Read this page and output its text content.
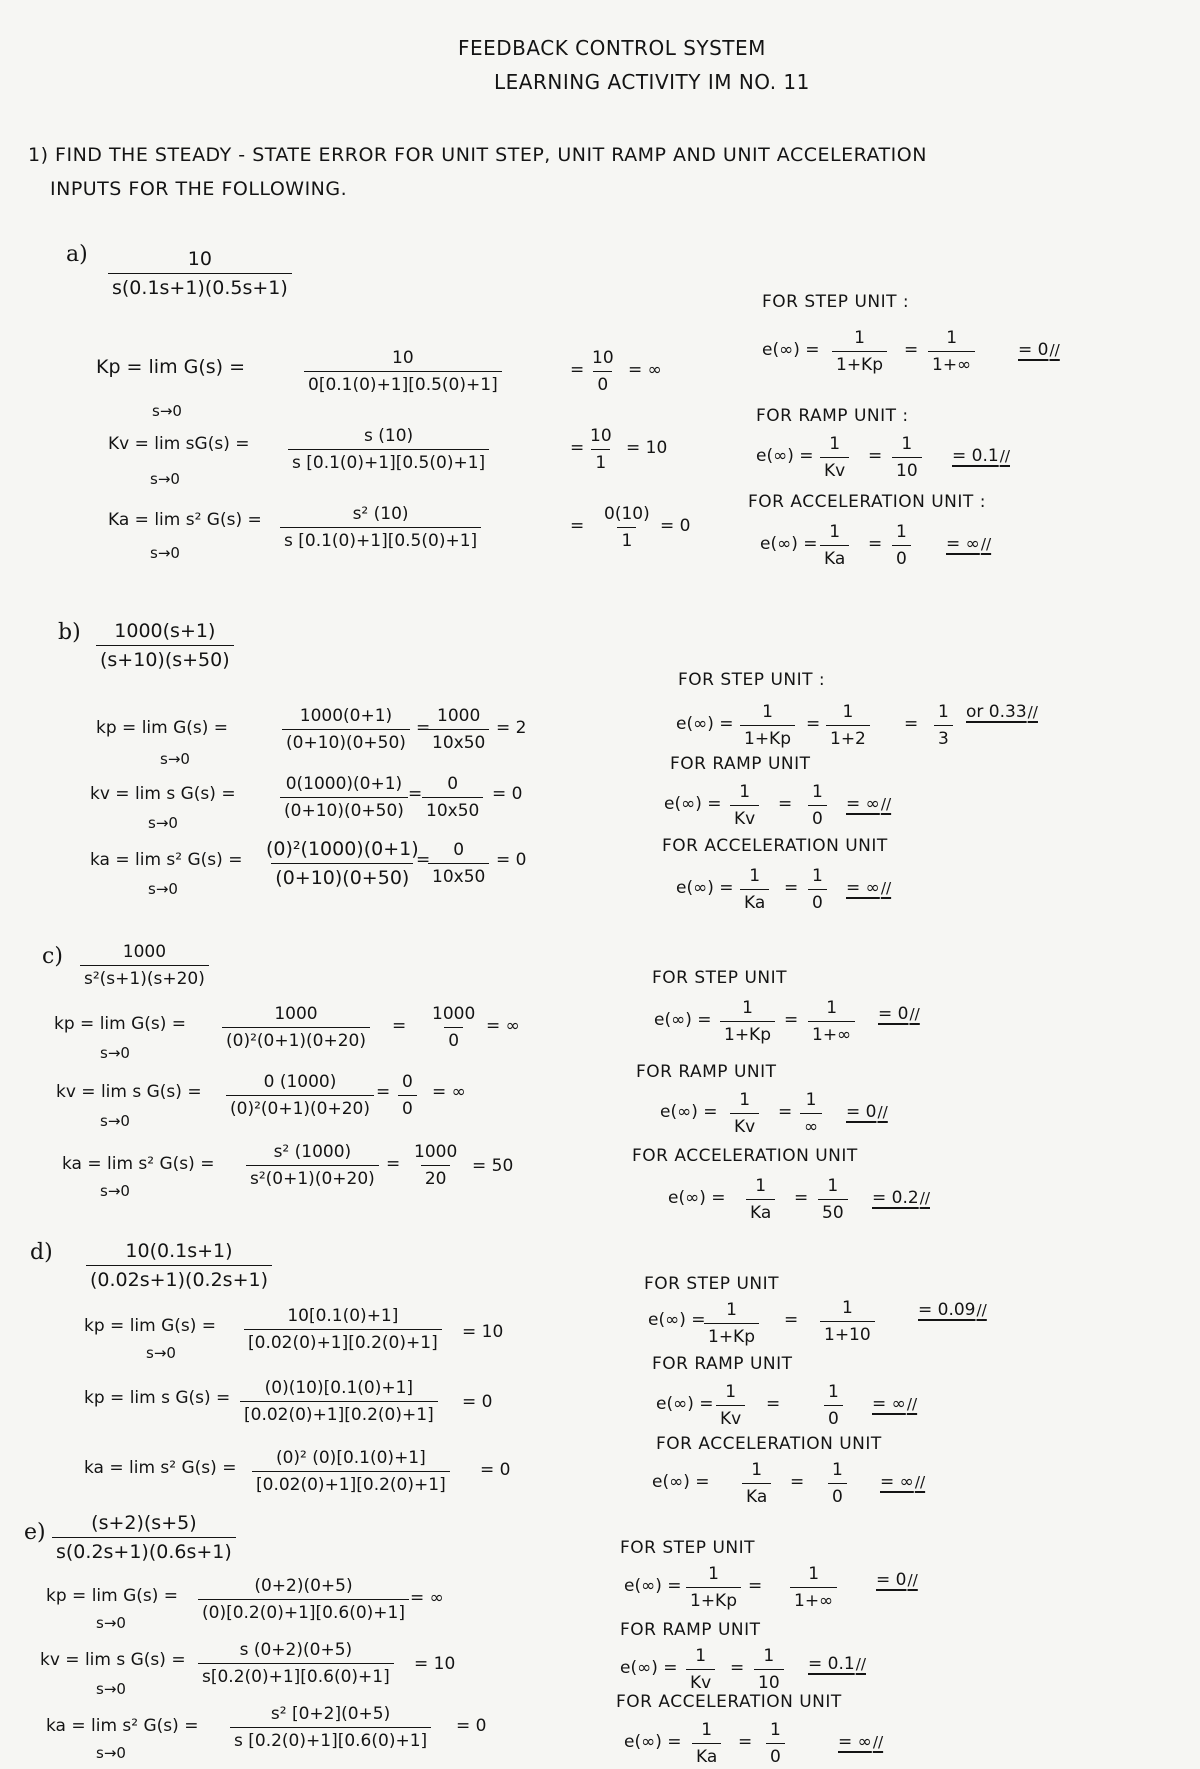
FEEDBACK CONTROL SYSTEM
LEARNING ACTIVITY IM NO. 11
1) FIND THE STEADY - STATE ERROR FOR UNIT STEP, UNIT RAMP AND UNIT ACCELERATION
INPUTS FOR THE FOLLOWING.
$a) \frac{10}{s(0.1s+1)(0.5s+1)}$
Kp = lim G(s) =
s→0
$\frac{10}{0[0.1(0)+1][0.5(0)+1]}$	= $\frac{10}{0}$ = ∞
Kv = lim sG(s) =
s→0
$\frac{s (10)}{s [0.1(0)+1][0.5(0)+1]}$	= $\frac{10}{1} = 10$
Ka = lim s² G(s) =
s→0
$\frac{\text{s² (10)}}{s [0.1(0)+1][0.5(0)+1]}$	= $\frac{0(10)}{1} = 0$
FOR STEP UNIT :
$e(\infty) = \frac{1}{1+Kp} = \frac{1}{1+\infty}$	= 0 //
FOR RAMP UNIT :
$e(\infty) = \frac{1}{Kv} = \frac{1}{10} = 0.1$ //
FOR ACCELERATION UNIT :
$e(\infty) = \frac{1}{Ka} = \frac{1}{0}$ = ∞ //
$b) \frac{1000(s+1)}{(s+10)(s+50)}$
kp = lim G(s) =
s→0
$\frac{1000(0+1)}{(0+10)(0+50)}$ =
$\frac{1000}{10x50} = 2$
kv = lim s G(s) =
s→0
$\frac{0(1000)(0+1)}{(0+10)(0+50)} = \frac{0}{10x50} = 0$
ka = lim s² G(s) =
s→0	$\frac{\text{(0)²(1000)(0+1)}}{(0+10)(0+50)}$
=
$\frac{0}{10x50} = 0$
FOR STEP UNIT :
$e(\infty) = \frac{1}{1+Kp} = \frac{1}{1+2} = \frac{1}{3}$ or 0.33 //
FOR RAMP UNIT
$e(\infty) = \frac{1}{Kv} = \frac{1}{0}$ = ∞ //
FOR ACCELERATION UNIT
$e(\infty) = \frac{1}{Ka} = \frac{1}{0}$ = ∞ //
$c) \frac{1000}{\text{s²(s+1)(s+20)}}$
kp = lim G(s) =
s→0
$\frac{1000}{\text{(0)²(0+1)(0+20)}} = \frac{1000}{0}$ = ∞
kv = lim s G(s) =
s→0
$\frac{0 (1000)}{\text{(0)²(0+1)(0+20)}} = \frac{0}{0}$ = ∞
ka = lim s² G(s) =
s→0
$\frac{\text{s² (1000)}}{\text{s²(0+1)(0+20)}} = \frac{1000}{20} = 50$
FOR STEP UNIT
$e(\infty) = \frac{1}{1+Kp} = \frac{1}{1+\infty} = 0$ //
FOR RAMP UNIT
$e(\infty) = \frac{1}{Kv}$ =
1
∞
= 0 //
FOR ACCELERATION UNIT
$e(\infty) = \frac{1}{Ka} = \frac{1}{50} = 0.2$ //
$d) \frac{10(0.1s+1)}{(0.02s+1)(0.2s+1)}$
kp = lim G(s) =
s→0	$\frac{10[0.1(0)+1]}{[0.02(0)+1][0.2(0)+1]} = 10$
kp = lim s $G(s) = \frac{(0)(10)[0.1(0)+1]}{[0.02(0)+1][0.2(0)+1]} = 0$
ka = lim s² $G(s) = \frac{\text{(0)² (0)[0.1(0)+1]}}{[0.02(0)+1][0.2(0)+1]} = 0$
FOR STEP UNIT
e(∞) =
$\frac{1}{1+Kp} = \frac{1}{1+10}$	= 0.09 //
FOR RAMP UNIT
$e(\infty) = \frac{1}{Kv}$ =	$\frac{1}{0}$ = ∞ //
FOR ACCELERATION UNIT
$e(\infty) = \frac{1}{Ka} = \frac{1}{0}$ = ∞ //
$e) \frac{(s+2)(s+5)}{s(0.2s+1)(0.6s+1)}$
kp = lim G(s) =
s→0	$\frac{(0+2)(0+5)}{(0)[0.2(0)+1][0.6(0)+1]}$ = ∞
kv = lim s G(s) =
s→0
$\frac{s (0+2)(0+5)}{s[0.2(0)+1][0.6(0)+1]} = 10$
ka = lim s² G(s) =
s→0
$\frac{\text{s² [0+2](0+5)}}{s [0.2(0)+1][0.6(0)+1]} = 0$
FOR STEP UNIT
$e(\infty) = \frac{1}{1+Kp} = \frac{1}{1+\infty} = 0$ //
FOR RAMP UNIT
$e(\infty) = \frac{1}{Kv} = \frac{1}{10} = 0.1$ //
FOR ACCELERATION UNIT
$e(\infty) = \frac{1}{Ka} = \frac{1}{0}$	= ∞ //
